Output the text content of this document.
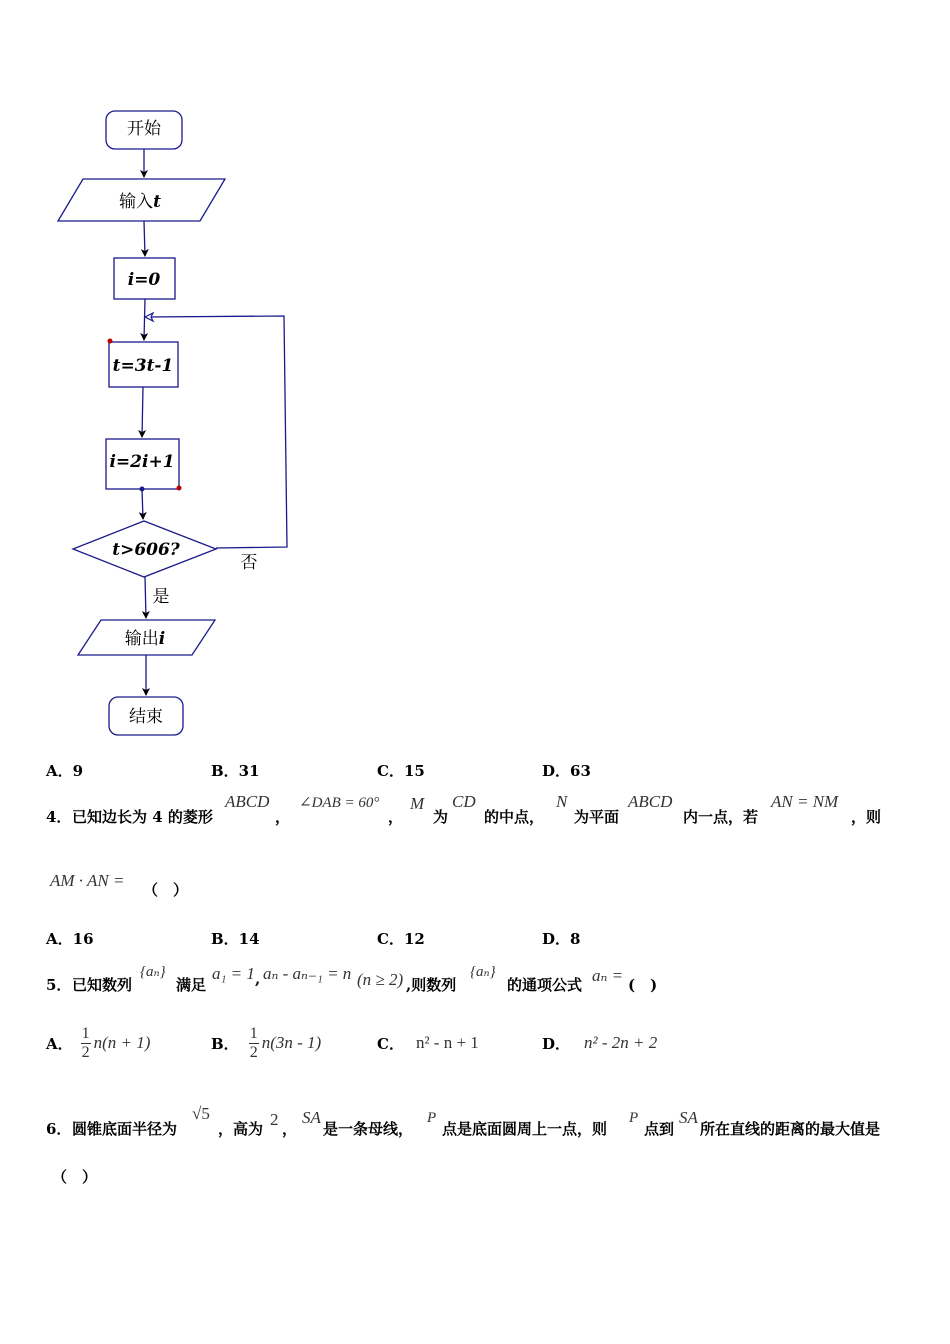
开始
输入t
i=0
t=3t-1
i=2i+1
t>606?
否
是
输出i
结束
A．9	B．31	C．15	D．63
4． 已知边长为 4 的菱形
ABCD
，
∠DAB = 60°
，
M
为
CD
的中点，
N
为平面
ABCD
内一点，若
AN = NM
，则
AM · AN = （　）
A．16	B．14	C．12	D．8
5． 已知数列
{aₙ}
满足
a₁ = 1 , aₙ - aₙ₋₁ = n (n ≥ 2) ,则数列
{aₙ}
的通项公式 aₙ = (　)
A． $\frac{1}{2} n(n + 1)$	B． $\frac{1}{2} n(3n - 1)$	C． n² - n + 1	D． n² - 2n + 2
6． 圆锥底面半径为
√5
，高为 2 ，
SA
是一条母线，
P
点是底面圆周上一点，则
P
点到
SA
所在直线的距离的最大值是
（　）
